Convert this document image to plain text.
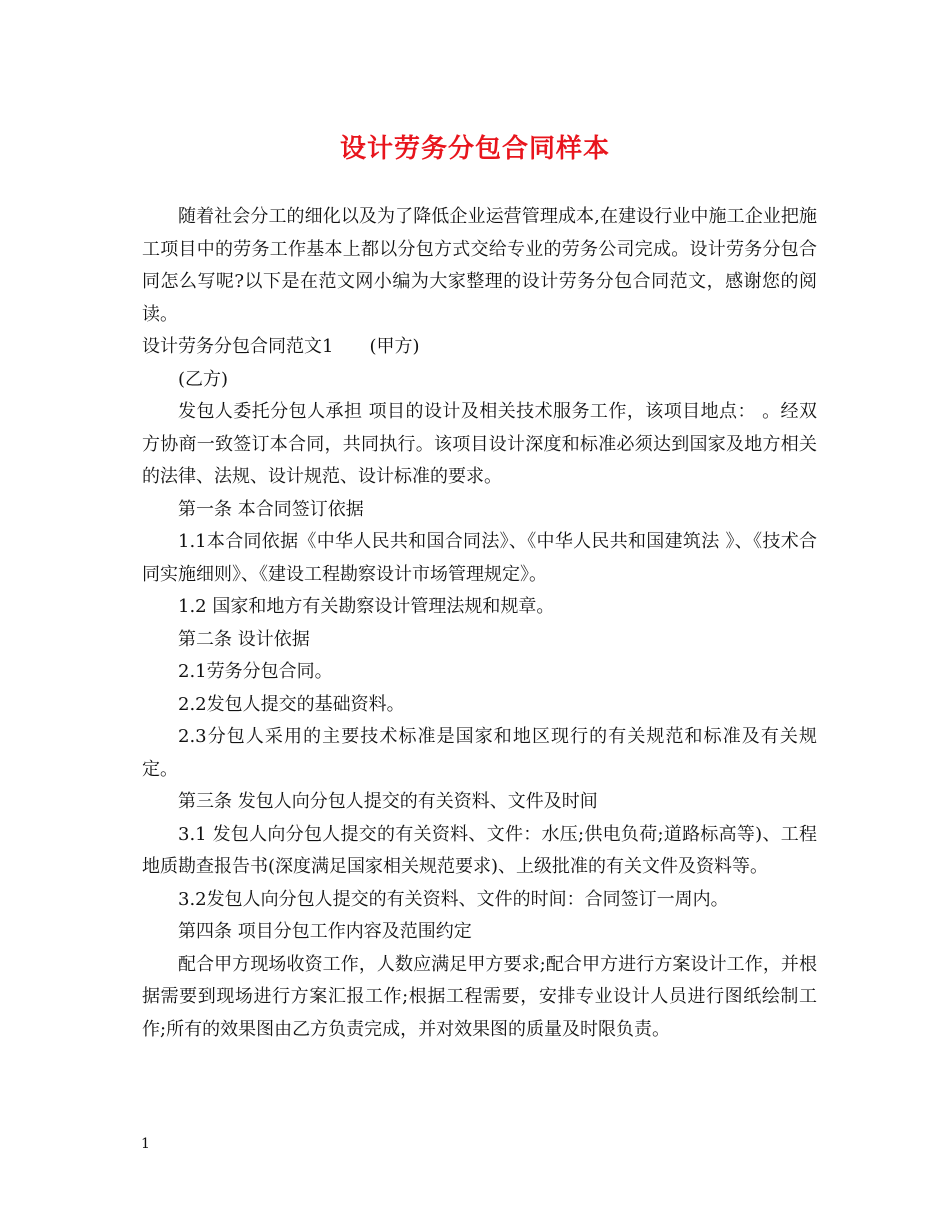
设计劳务分包合同样本

随着社会分工的细化以及为了降低企业运营管理成本,在建设行业中施工企业把施工项目中的劳务工作基本上都以分包方式交给专业的劳务公司完成。设计劳务分包合同怎么写呢?以下是在范文网小编为大家整理的设计劳务分包合同范文，感谢您的阅读。

设计劳务分包合同范文1　　(甲方)

(乙方)

发包人委托分包人承担 项目的设计及相关技术服务工作，该项目地点： 。经双方协商一致签订本合同，共同执行。该项目设计深度和标准必须达到国家及地方相关的法律、法规、设计规范、设计标准的要求。

第一条 本合同签订依据

1.1本合同依据《中华人民共和国合同法》、《中华人民共和国建筑法 》、《技术合同实施细则》、《建设工程勘察设计市场管理规定》。

1.2 国家和地方有关勘察设计管理法规和规章。

第二条 设计依据

2.1劳务分包合同。

2.2发包人提交的基础资料。

2.3分包人采用的主要技术标准是国家和地区现行的有关规范和标准及有关规定。

第三条 发包人向分包人提交的有关资料、文件及时间

3.1 发包人向分包人提交的有关资料、文件：水压;供电负荷;道路标高等)、工程地质勘查报告书(深度满足国家相关规范要求)、上级批准的有关文件及资料等。

3.2发包人向分包人提交的有关资料、文件的时间：合同签订一周内。

第四条 项目分包工作内容及范围约定

配合甲方现场收资工作，人数应满足甲方要求;配合甲方进行方案设计工作，并根据需要到现场进行方案汇报工作;根据工程需要，安排专业设计人员进行图纸绘制工作;所有的效果图由乙方负责完成，并对效果图的质量及时限负责。

1
